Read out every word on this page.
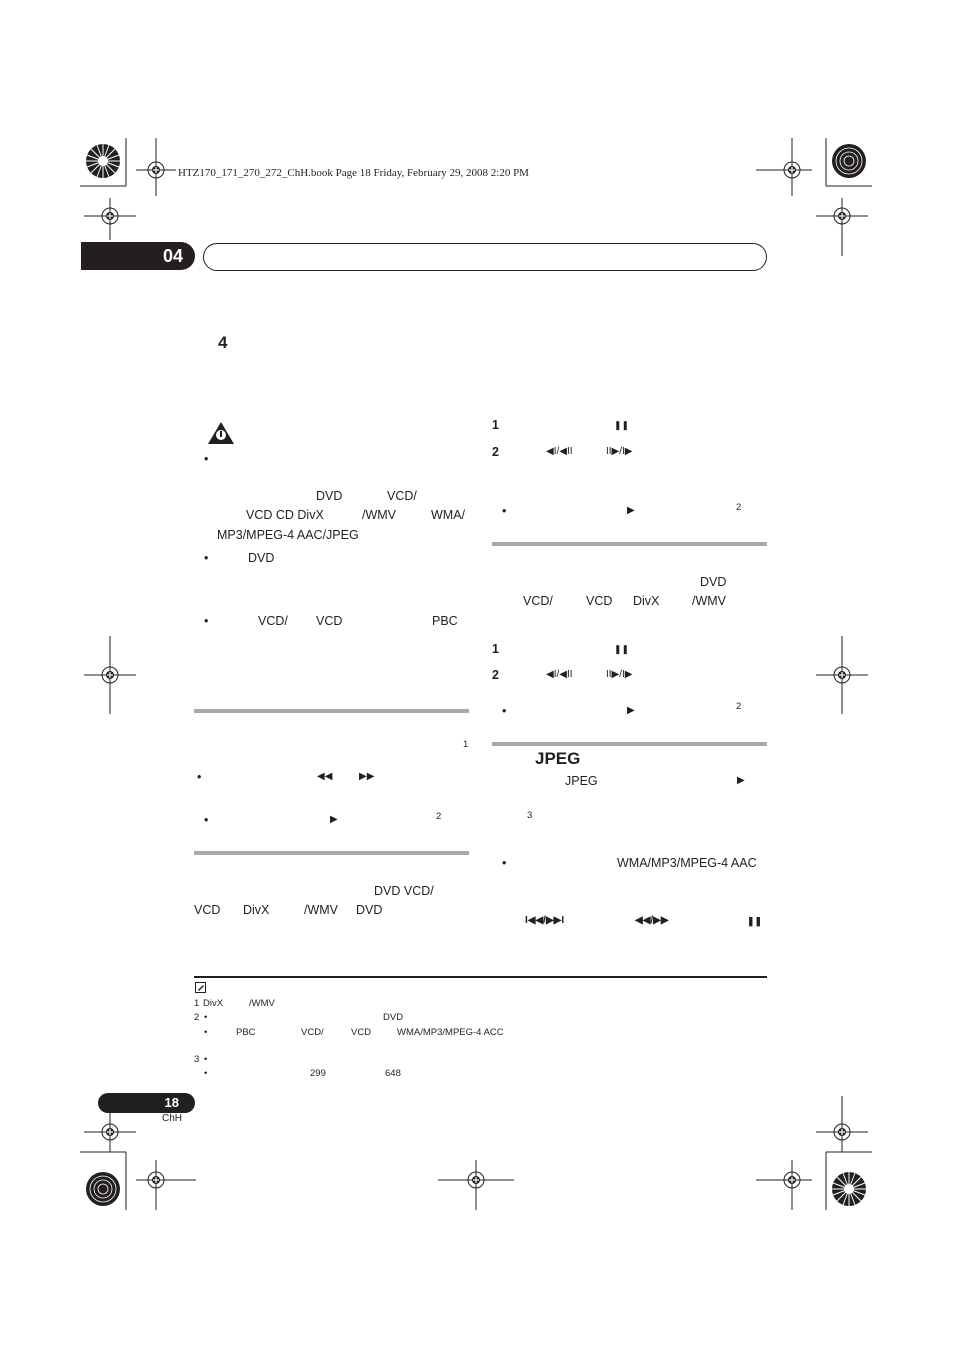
HTZ170_171_270_272_ChH.book Page 18 Friday, February 29, 2008 2:20 PM
04
4
•
DVD	VCD/
VCD CD DivX	/WMV	WMA/
MP3/MPEG-4 AAC/JPEG
•	DVD
•	VCD/ VCD	PBC
1
•	◀◀	▶▶
•	▶	2
DVD VCD/
VCD DivX	/WMV DVD
1	❚❚
2	◀I/◀II	II▶/I▶
•	▶	2
DVD
VCD/	VCD DivX	/WMV
1	❚❚
2	◀I/◀II	II▶/I▶
•	▶	2
JPEG
JPEG	▶
3
•	WMA/MP3/MPEG-4 AAC
I◀◀/▶▶I	◀◀/▶▶	❚❚
1 DivX	/WMV
2 •	DVD
•	PBC	VCD/	VCD	WMA/MP3/MPEG-4 ACC
3 •
•	299	648
18
ChH
